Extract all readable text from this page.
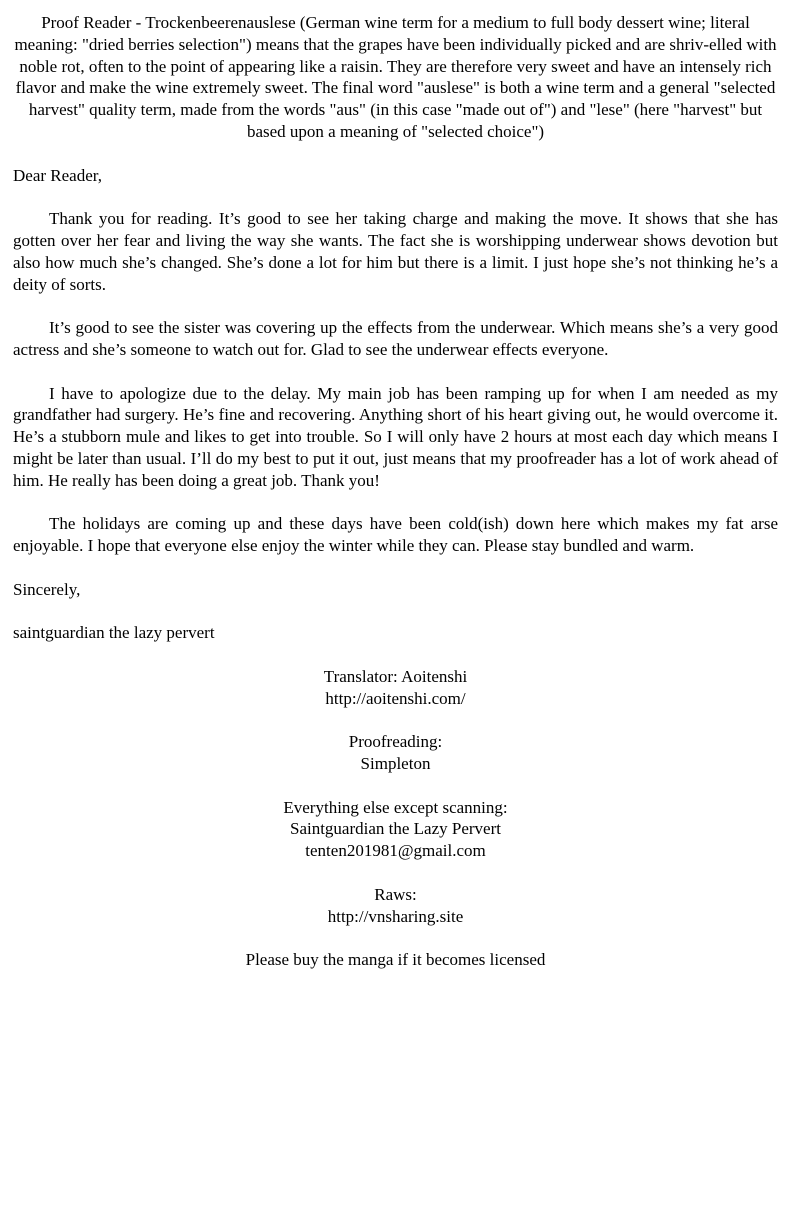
Proof Reader - Trockenbeerenauslese (German wine term for a medium to full body dessert wine; literal meaning: "dried berries selection") means that the grapes have been individually picked and are shriv-elled with noble rot, often to the point of appearing like a raisin. They are therefore very sweet and have an intensely rich flavor and make the wine extremely sweet. The final word "auslese" is both a wine term and a general "selected harvest" quality term, made from the words "aus" (in this case "made out of") and "lese" (here "harvest" but based upon a meaning of "selected choice")

Dear Reader,

Thank you for reading. It’s good to see her taking charge and making the move. It shows that she has gotten over her fear and living the way she wants. The fact she is worshipping underwear shows devotion but also how much she’s changed. She’s done a lot for him but there is a limit. I just hope she’s not thinking he’s a deity of sorts.

It’s good to see the sister was covering up the effects from the underwear. Which means she’s a very good actress and she’s someone to watch out for. Glad to see the underwear effects everyone.

I have to apologize due to the delay. My main job has been ramping up for when I am needed as my grandfather had surgery. He’s fine and recovering. Anything short of his heart giving out, he would overcome it. He’s a stubborn mule and likes to get into trouble. So I will only have 2 hours at most each day which means I might be later than usual. I’ll do my best to put it out, just means that my proofreader has a lot of work ahead of him. He really has been doing a great job. Thank you!

The holidays are coming up and these days have been cold(ish) down here which makes my fat arse enjoyable. I hope that everyone else enjoy the winter while they can. Please stay bundled and warm.

Sincerely,

saintguardian the lazy pervert

Translator: Aoitenshi
http://aoitenshi.com/
Proofreading:
Simpleton
Everything else except scanning:
Saintguardian the Lazy Pervert
tenten201981@gmail.com
Raws:
http://vnsharing.site
Please buy the manga if it becomes licensed
